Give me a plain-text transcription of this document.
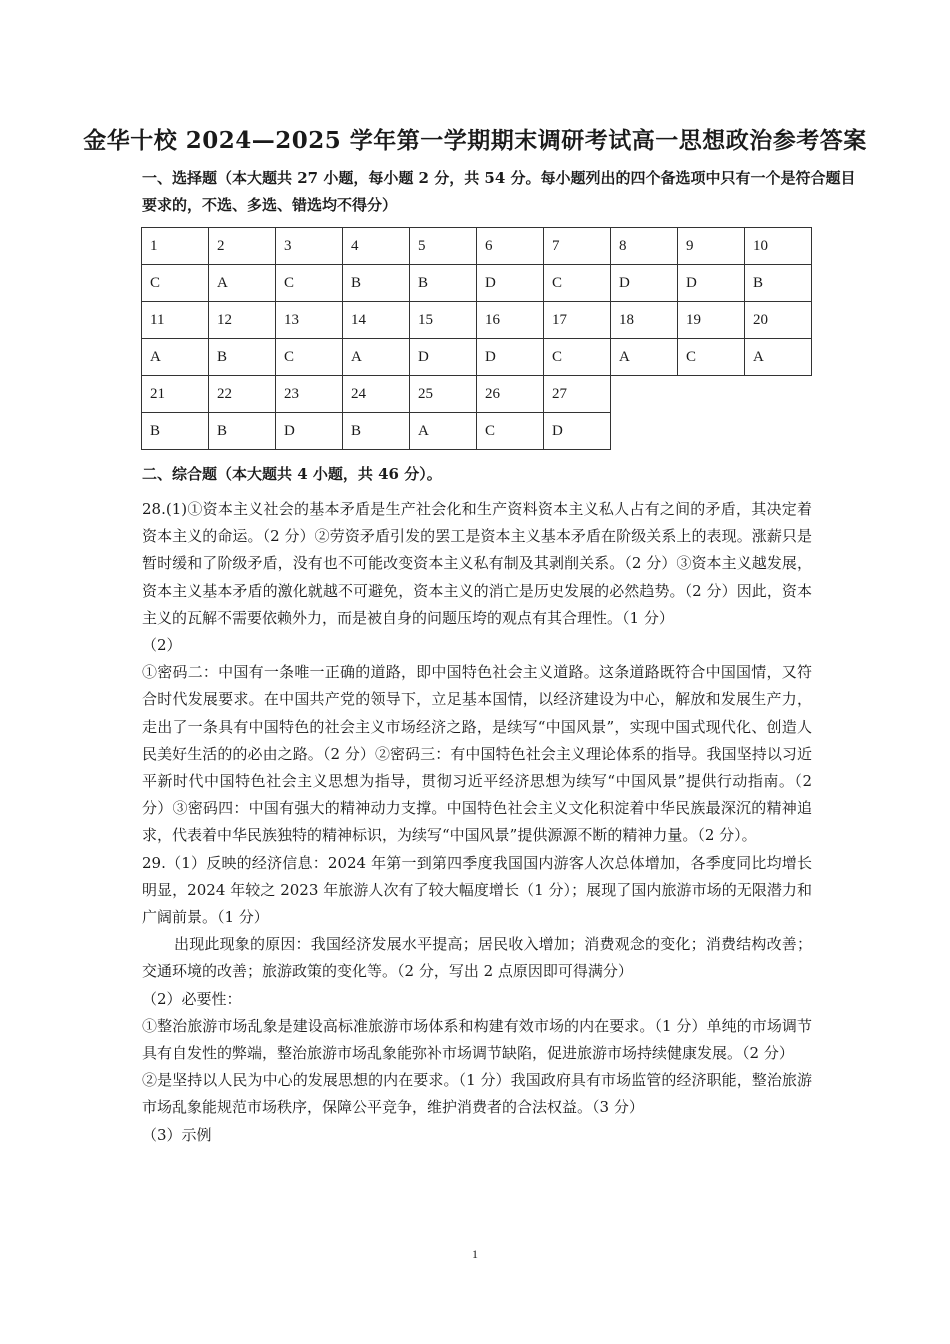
金华十校 2024—2025 学年第一学期期末调研考试高一思想政治参考答案
一、选择题（本大题共 27 小题，每小题 2 分，共 54 分。每小题列出的四个备选项中只有一个是符合题目要求的，不选、多选、错选均不得分）
1	2	3	4	5	6	7	8	9	10
C	A	C	B	B	D	C	D	D	B
11	12	13	14	15	16	17	18	19	20
A	B	C	A	D	D	C	A	C	A
21	22	23	24	25	26	27			
B	B	D	B	A	C	D			
二、综合题（本大题共 4 小题，共 46 分）。

28.(1)①资本主义社会的基本矛盾是生产社会化和生产资料资本主义私人占有之间的矛盾，其决定着资本主义的命运。（2 分）②劳资矛盾引发的罢工是资本主义基本矛盾在阶级关系上的表现。涨薪只是暂时缓和了阶级矛盾，没有也不可能改变资本主义私有制及其剥削关系。（2 分）③资本主义越发展，资本主义基本矛盾的激化就越不可避免，资本主义的消亡是历史发展的必然趋势。（2 分）因此，资本主义的瓦解不需要依赖外力，而是被自身的问题压垮的观点有其合理性。（1 分）

（2）

①密码二：中国有一条唯一正确的道路，即中国特色社会主义道路。这条道路既符合中国国情，又符合时代发展要求。在中国共产党的领导下，立足基本国情，以经济建设为中心，解放和发展生产力，走出了一条具有中国特色的社会主义市场经济之路，是续写“中国风景”，实现中国式现代化、创造人民美好生活的的必由之路。（2 分）②密码三：有中国特色社会主义理论体系的指导。我国坚持以习近平新时代中国特色社会主义思想为指导，贯彻习近平经济思想为续写“中国风景”提供行动指南。（2 分）③密码四：中国有强大的精神动力支撑。中国特色社会主义文化积淀着中华民族最深沉的精神追求，代表着中华民族独特的精神标识，为续写“中国风景”提供源源不断的精神力量。（2 分）。

29.（1）反映的经济信息：2024 年第一到第四季度我国国内游客人次总体增加，各季度同比均增长明显，2024 年较之 2023 年旅游人次有了较大幅度增长（1 分）；展现了国内旅游市场的无限潜力和广阔前景。（1 分）

出现此现象的原因：我国经济发展水平提高；居民收入增加；消费观念的变化；消费结构改善；交通环境的改善；旅游政策的变化等。（2 分，写出 2 点原因即可得满分）

（2）必要性：

①整治旅游市场乱象是建设高标准旅游市场体系和构建有效市场的内在要求。（1 分）单纯的市场调节具有自发性的弊端，整治旅游市场乱象能弥补市场调节缺陷，促进旅游市场持续健康发展。（2 分）

②是坚持以人民为中心的发展思想的内在要求。（1 分）我国政府具有市场监管的经济职能，整治旅游市场乱象能规范市场秩序，保障公平竞争，维护消费者的合法权益。（3 分）

（3）示例

1
